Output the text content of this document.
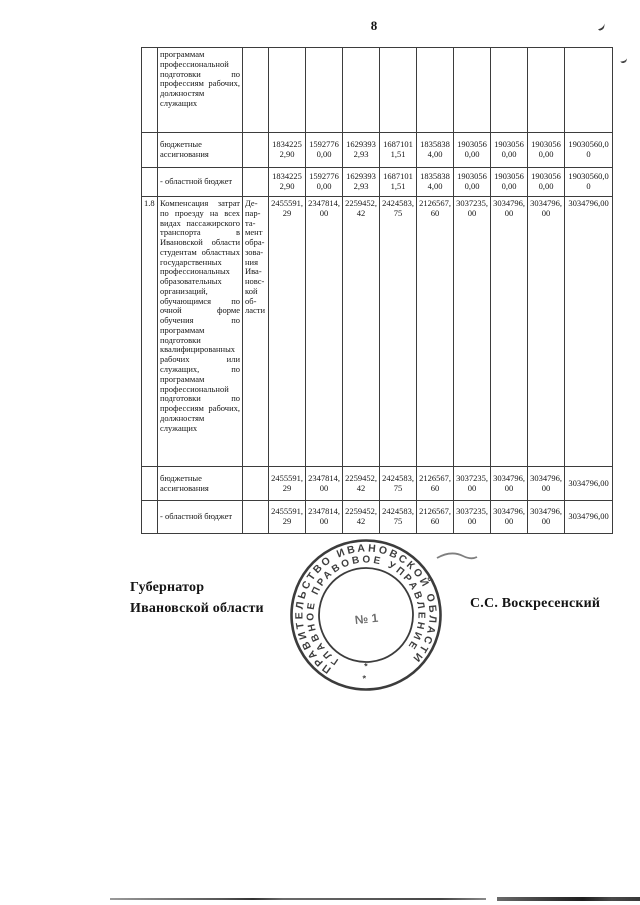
8
	программам профессиональной подготовки по профессиям рабочих, должностям служащих										
	бюджетные ассигнования		18342252,90	15927760,00	16293932,93	16871011,51	18358384,00	19030560,00	19030560,00	19030560,00	19030560,00
	- областной бюджет		18342252,90	15927760,00	16293932,93	16871011,51	18358384,00	19030560,00	19030560,00	19030560,00	19030560,00
1.8	Компенсация затрат по проезду на всех видах пассажирского транспорта в Ивановской области студентам областных государственных профессиональных образовательных организаций, обучающимся по очной форме обучения по программам подготовки квалифицированных рабочих или служащих, по программам профессиональной подготовки по профессиям рабочих, должностям служащих	Департамент образования Ивановской области	2455591,29	2347814,00	2259452,42	2424583,75	2126567,60	3037235,00	3034796,00	3034796,00	3034796,00
	бюджетные ассигнования		2455591,29	2347814,00	2259452,42	2424583,75	2126567,60	3037235,00	3034796,00	3034796,00	3034796,00
	- областной бюджет		2455591,29	2347814,00	2259452,42	2424583,75	2126567,60	3037235,00	3034796,00	3034796,00	3034796,00
Губернатор
Ивановской области	С.С. Воскресенский
ПРАВИТЕЛЬСТВО ИВАНОВСКОЙ ОБЛАСТИ
ГЛАВНОЕ ПРАВОВОЕ УПРАВЛЕНИЕ
*
*
№ 1
